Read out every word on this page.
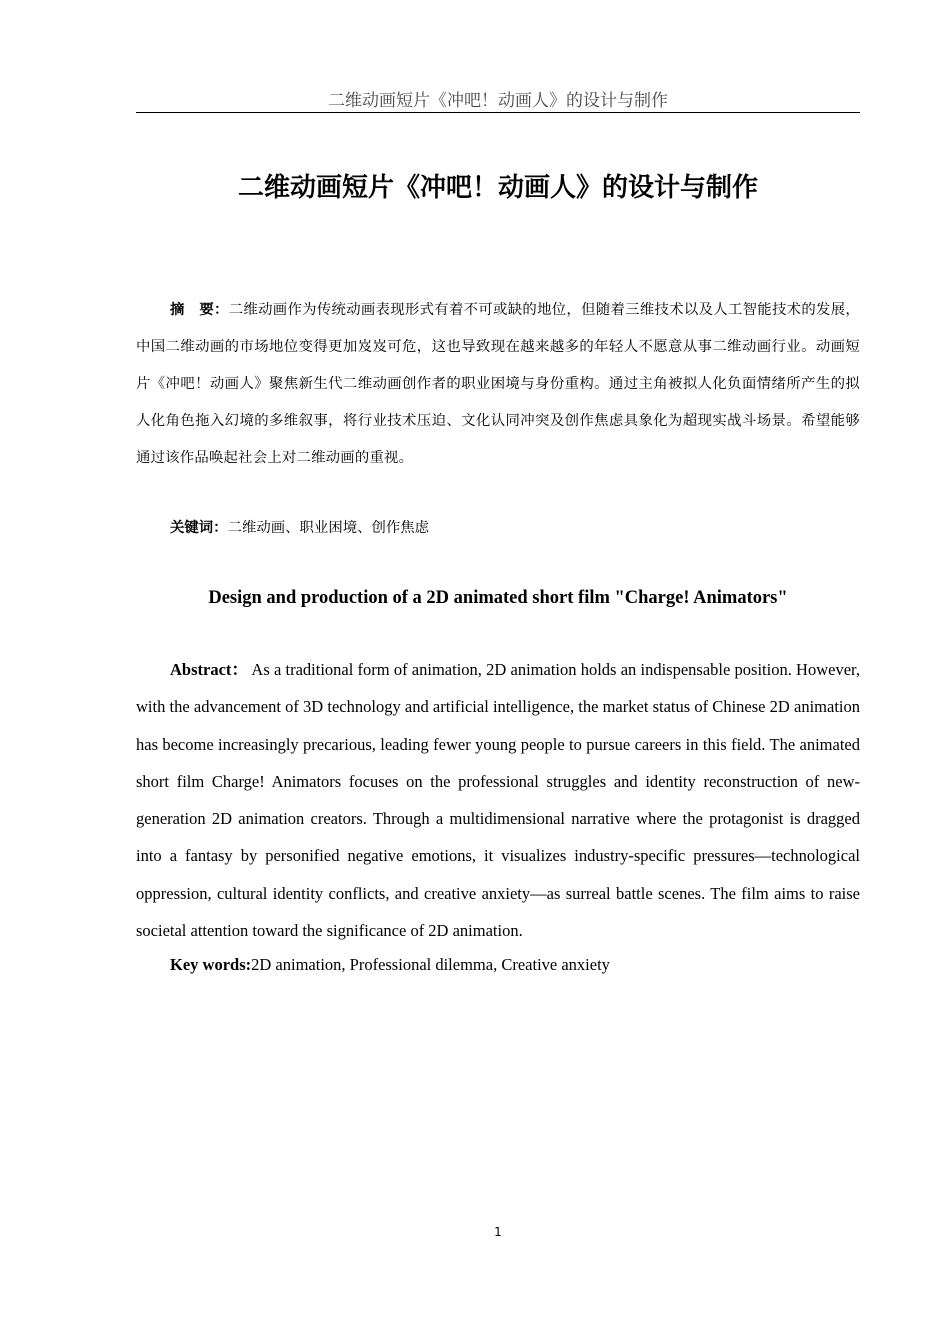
二维动画短片《冲吧！动画人》的设计与制作
二维动画短片《冲吧！动画人》的设计与制作

摘　要：二维动画作为传统动画表现形式有着不可或缺的地位，但随着三维技术以及人工智能技术的发展，中国二维动画的市场地位变得更加岌岌可危，这也导致现在越来越多的年轻人不愿意从事二维动画行业。动画短片《冲吧！动画人》聚焦新生代二维动画创作者的职业困境与身份重构。通过主角被拟人化负面情绪所产生的拟人化角色拖入幻境的多维叙事，将行业技术压迫、文化认同冲突及创作焦虑具象化为超现实战斗场景。希望能够通过该作品唤起社会上对二维动画的重视。

关键词：二维动画、职业困境、创作焦虑
Design and production of a 2D animated short film "Charge! Animators"

Abstract： As a traditional form of animation, 2D animation holds an indispensable position. However, with the advancement of 3D technology and artificial intelligence, the market status of Chinese 2D animation has become increasingly precarious, leading fewer young people to pursue careers in this field. The animated short film Charge! Animators focuses on the professional struggles and identity reconstruction of new-generation 2D animation creators. Through a multidimensional narrative where the protagonist is dragged into a fantasy by personified negative emotions, it visualizes industry-specific pressures—technological oppression, cultural identity conflicts, and creative anxiety—as surreal battle scenes. The film aims to raise societal attention toward the significance of 2D animation.

Key words:2D animation, Professional dilemma, Creative anxiety
1
